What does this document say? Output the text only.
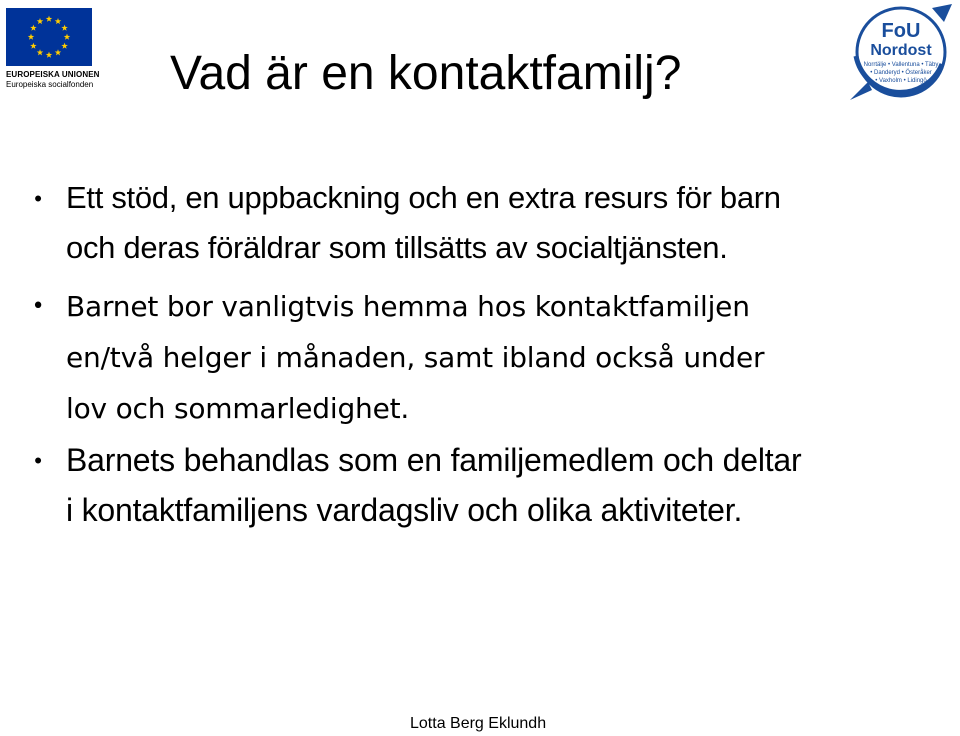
EUROPEISKA UNIONEN
Europeiska socialfonden
FoU
Nordost
Norrtälje • Vallentuna • Täby
• Danderyd • Österåker
• Vaxholm • Lidingö
Vad är en kontaktfamilj?
• Ett stöd, en uppbackning och en extra resurs för barn
och deras föräldrar som tillsätts av socialtjänsten.
• Barnet bor vanligtvis hemma hos kontaktfamiljen
en/två helger i månaden, samt ibland också under
lov och sommarledighet.
• Barnets behandlas som en familjemedlem och deltar
i kontaktfamiljens vardagsliv och olika aktiviteter.
Lotta Berg Eklundh
